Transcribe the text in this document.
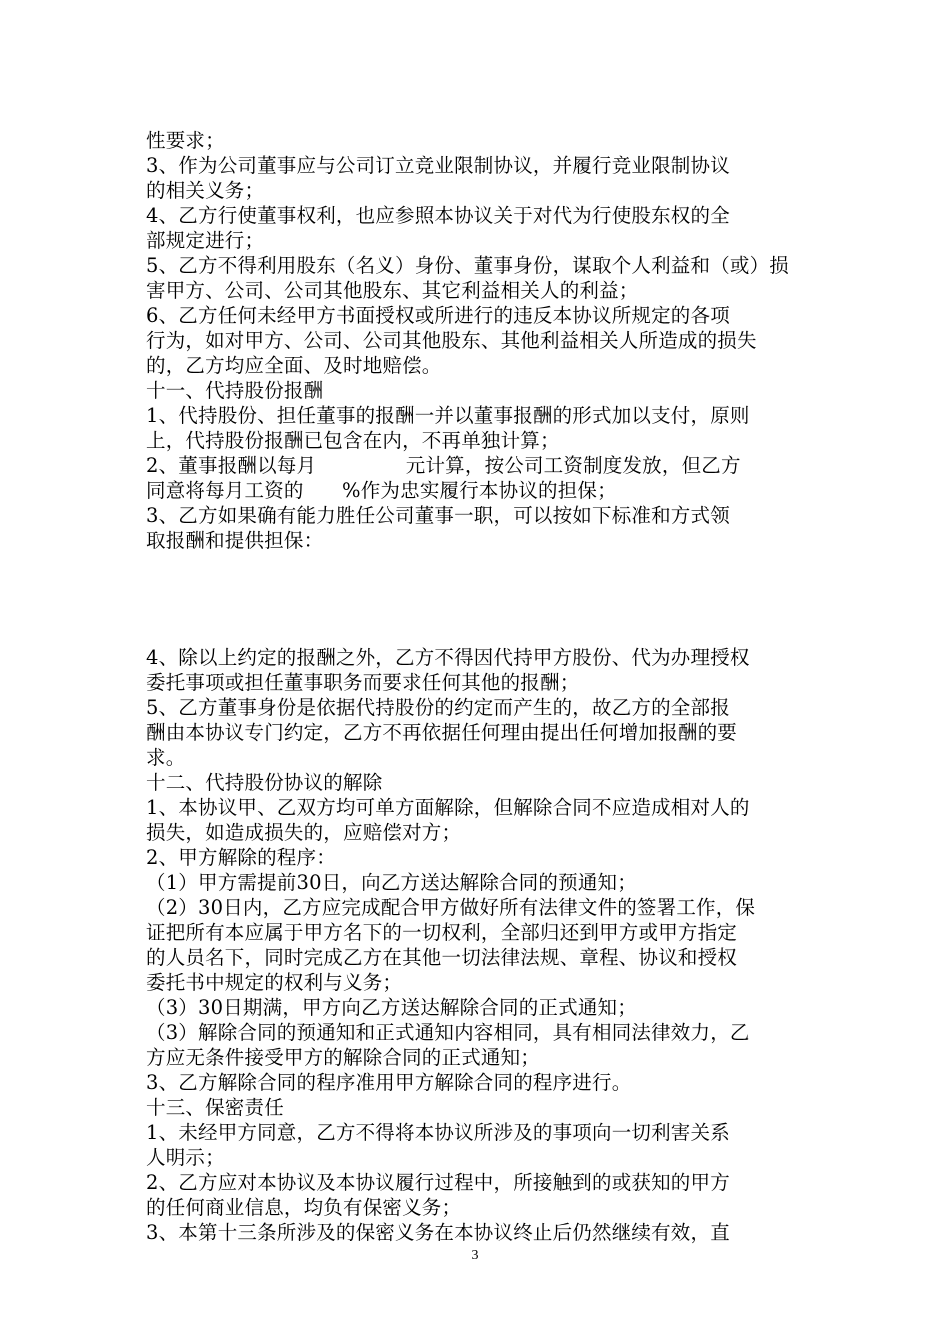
性要求；
3、作为公司董事应与公司订立竞业限制协议，并履行竞业限制协议
的相关义务；
4、乙方行使董事权利，也应参照本协议关于对代为行使股东权的全
部规定进行；
5、乙方不得利用股东（名义）身份、董事身份，谋取个人利益和（或）损
害甲方、公司、公司其他股东、其它利益相关人的利益；
6、乙方任何未经甲方书面授权或所进行的违反本协议所规定的各项
行为，如对甲方、公司、公司其他股东、其他利益相关人所造成的损失
的，乙方均应全面、及时地赔偿。
十一、代持股份报酬
1、代持股份、担任董事的报酬一并以董事报酬的形式加以支付，原则
上，代持股份报酬已包含在内，不再单独计算；
2、董事报酬以每月              元计算，按公司工资制度发放，但乙方
同意将每月工资的      %作为忠实履行本协议的担保；
3、乙方如果确有能力胜任公司董事一职，可以按如下标准和方式领
取报酬和提供担保：
4、除以上约定的报酬之外，乙方不得因代持甲方股份、代为办理授权
委托事项或担任董事职务而要求任何其他的报酬；
5、乙方董事身份是依据代持股份的约定而产生的，故乙方的全部报
酬由本协议专门约定，乙方不再依据任何理由提出任何增加报酬的要
求。
十二、代持股份协议的解除
1、本协议甲、乙双方均可单方面解除，但解除合同不应造成相对人的
损失，如造成损失的，应赔偿对方；
2、甲方解除的程序：
（1）甲方需提前30日，向乙方送达解除合同的预通知；
（2）30日内，乙方应完成配合甲方做好所有法律文件的签署工作，保
证把所有本应属于甲方名下的一切权利，全部归还到甲方或甲方指定
的人员名下，同时完成乙方在其他一切法律法规、章程、协议和授权
委托书中规定的权利与义务；
（3）30日期满，甲方向乙方送达解除合同的正式通知；
（3）解除合同的预通知和正式通知内容相同，具有相同法律效力，乙
方应无条件接受甲方的解除合同的正式通知；
3、乙方解除合同的程序准用甲方解除合同的程序进行。
十三、保密责任
1、未经甲方同意，乙方不得将本协议所涉及的事项向一切利害关系
人明示；
2、乙方应对本协议及本协议履行过程中，所接触到的或获知的甲方
的任何商业信息，均负有保密义务；
3、本第十三条所涉及的保密义务在本协议终止后仍然继续有效，直
3
